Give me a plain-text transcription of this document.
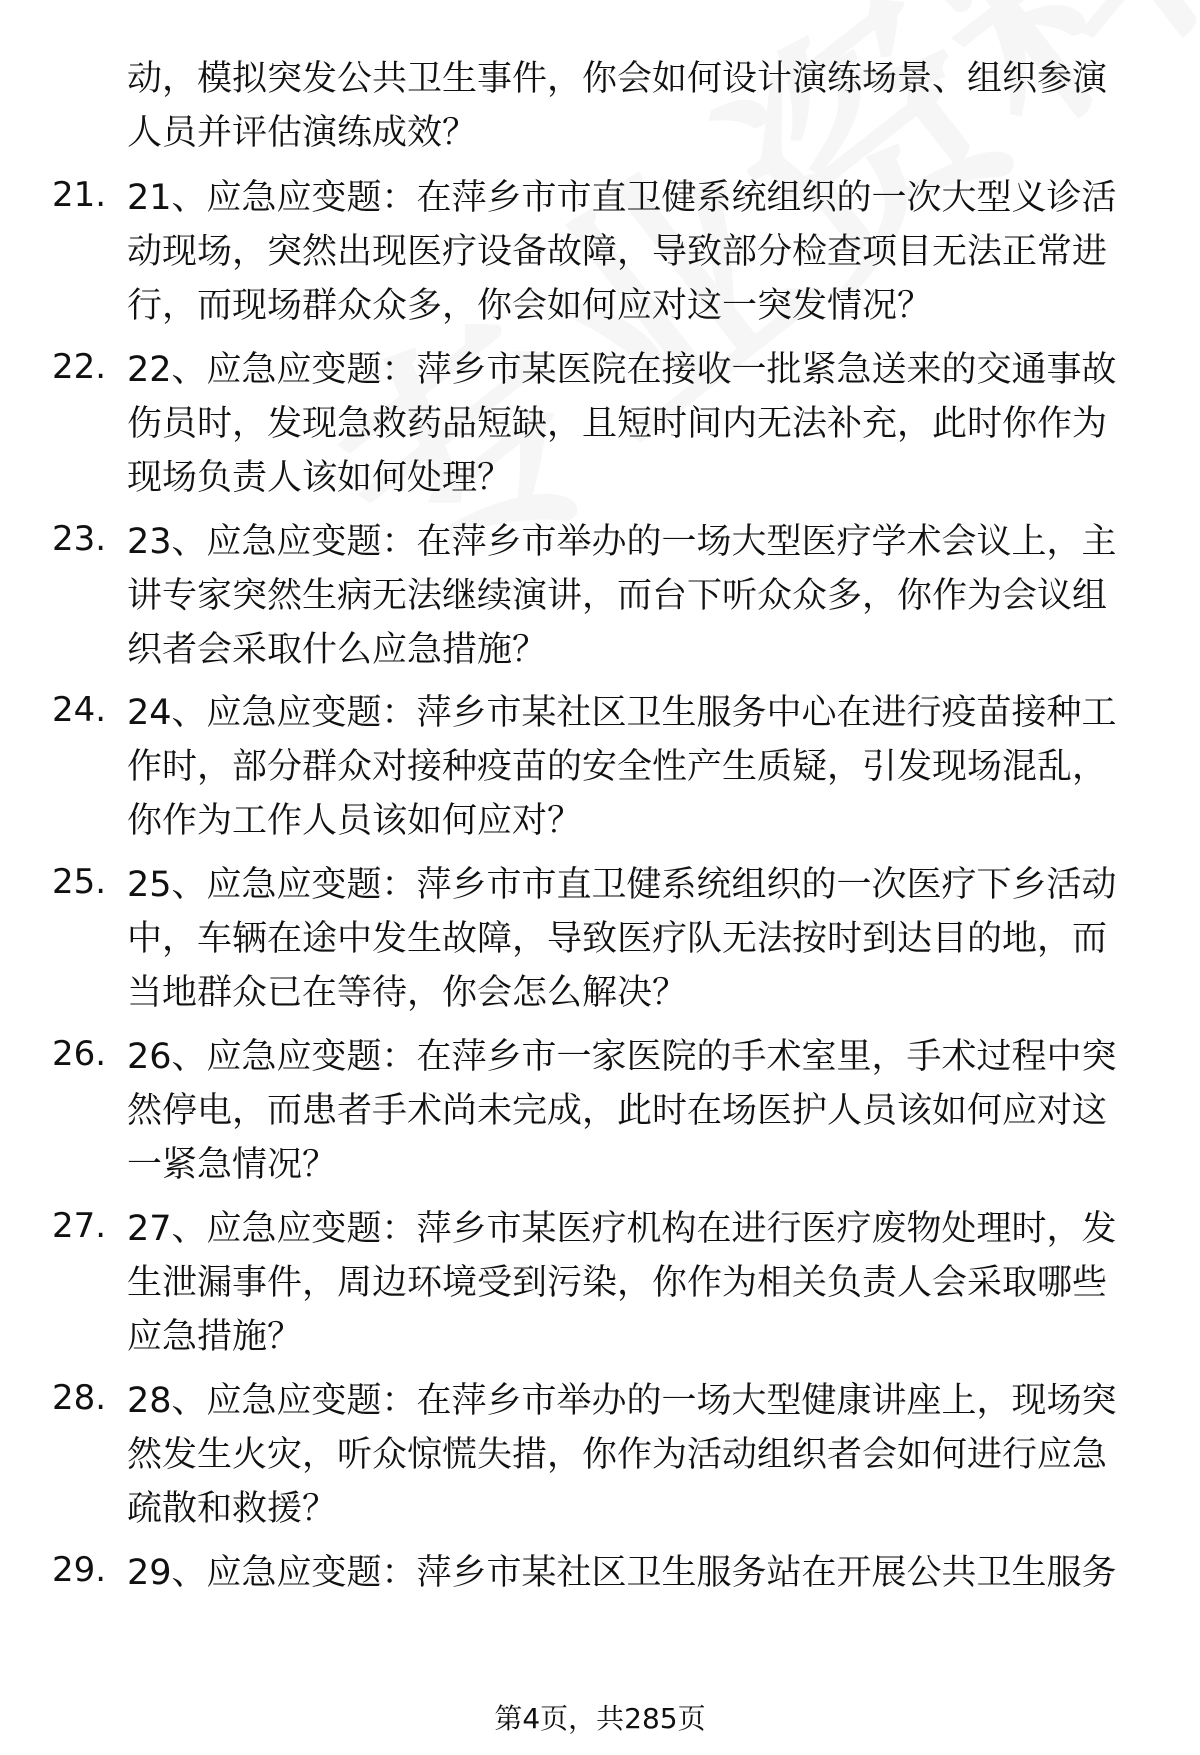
动，模拟突发公共卫生事件，你会如何设计演练场景、组织参演
人员并评估演练成效？
21. 21、应急应变题：在萍乡市市直卫健系统组织的一次大型义诊活
动现场，突然出现医疗设备故障，导致部分检查项目无法正常进
行，而现场群众众多，你会如何应对这一突发情况？
22. 22、应急应变题：萍乡市某医院在接收一批紧急送来的交通事故
伤员时，发现急救药品短缺，且短时间内无法补充，此时你作为
现场负责人该如何处理？
23. 23、应急应变题：在萍乡市举办的一场大型医疗学术会议上，主
讲专家突然生病无法继续演讲，而台下听众众多，你作为会议组
织者会采取什么应急措施？
24. 24、应急应变题：萍乡市某社区卫生服务中心在进行疫苗接种工
作时，部分群众对接种疫苗的安全性产生质疑，引发现场混乱，
你作为工作人员该如何应对？
25. 25、应急应变题：萍乡市市直卫健系统组织的一次医疗下乡活动
中，车辆在途中发生故障，导致医疗队无法按时到达目的地，而
当地群众已在等待，你会怎么解决？
26. 26、应急应变题：在萍乡市一家医院的手术室里，手术过程中突
然停电，而患者手术尚未完成，此时在场医护人员该如何应对这
一紧急情况？
27. 27、应急应变题：萍乡市某医疗机构在进行医疗废物处理时，发
生泄漏事件，周边环境受到污染，你作为相关负责人会采取哪些
应急措施？
28. 28、应急应变题：在萍乡市举办的一场大型健康讲座上，现场突
然发生火灾，听众惊慌失措，你作为活动组织者会如何进行应急
疏散和救援？
29. 29、应急应变题：萍乡市某社区卫生服务站在开展公共卫生服务
第4页，共285页
